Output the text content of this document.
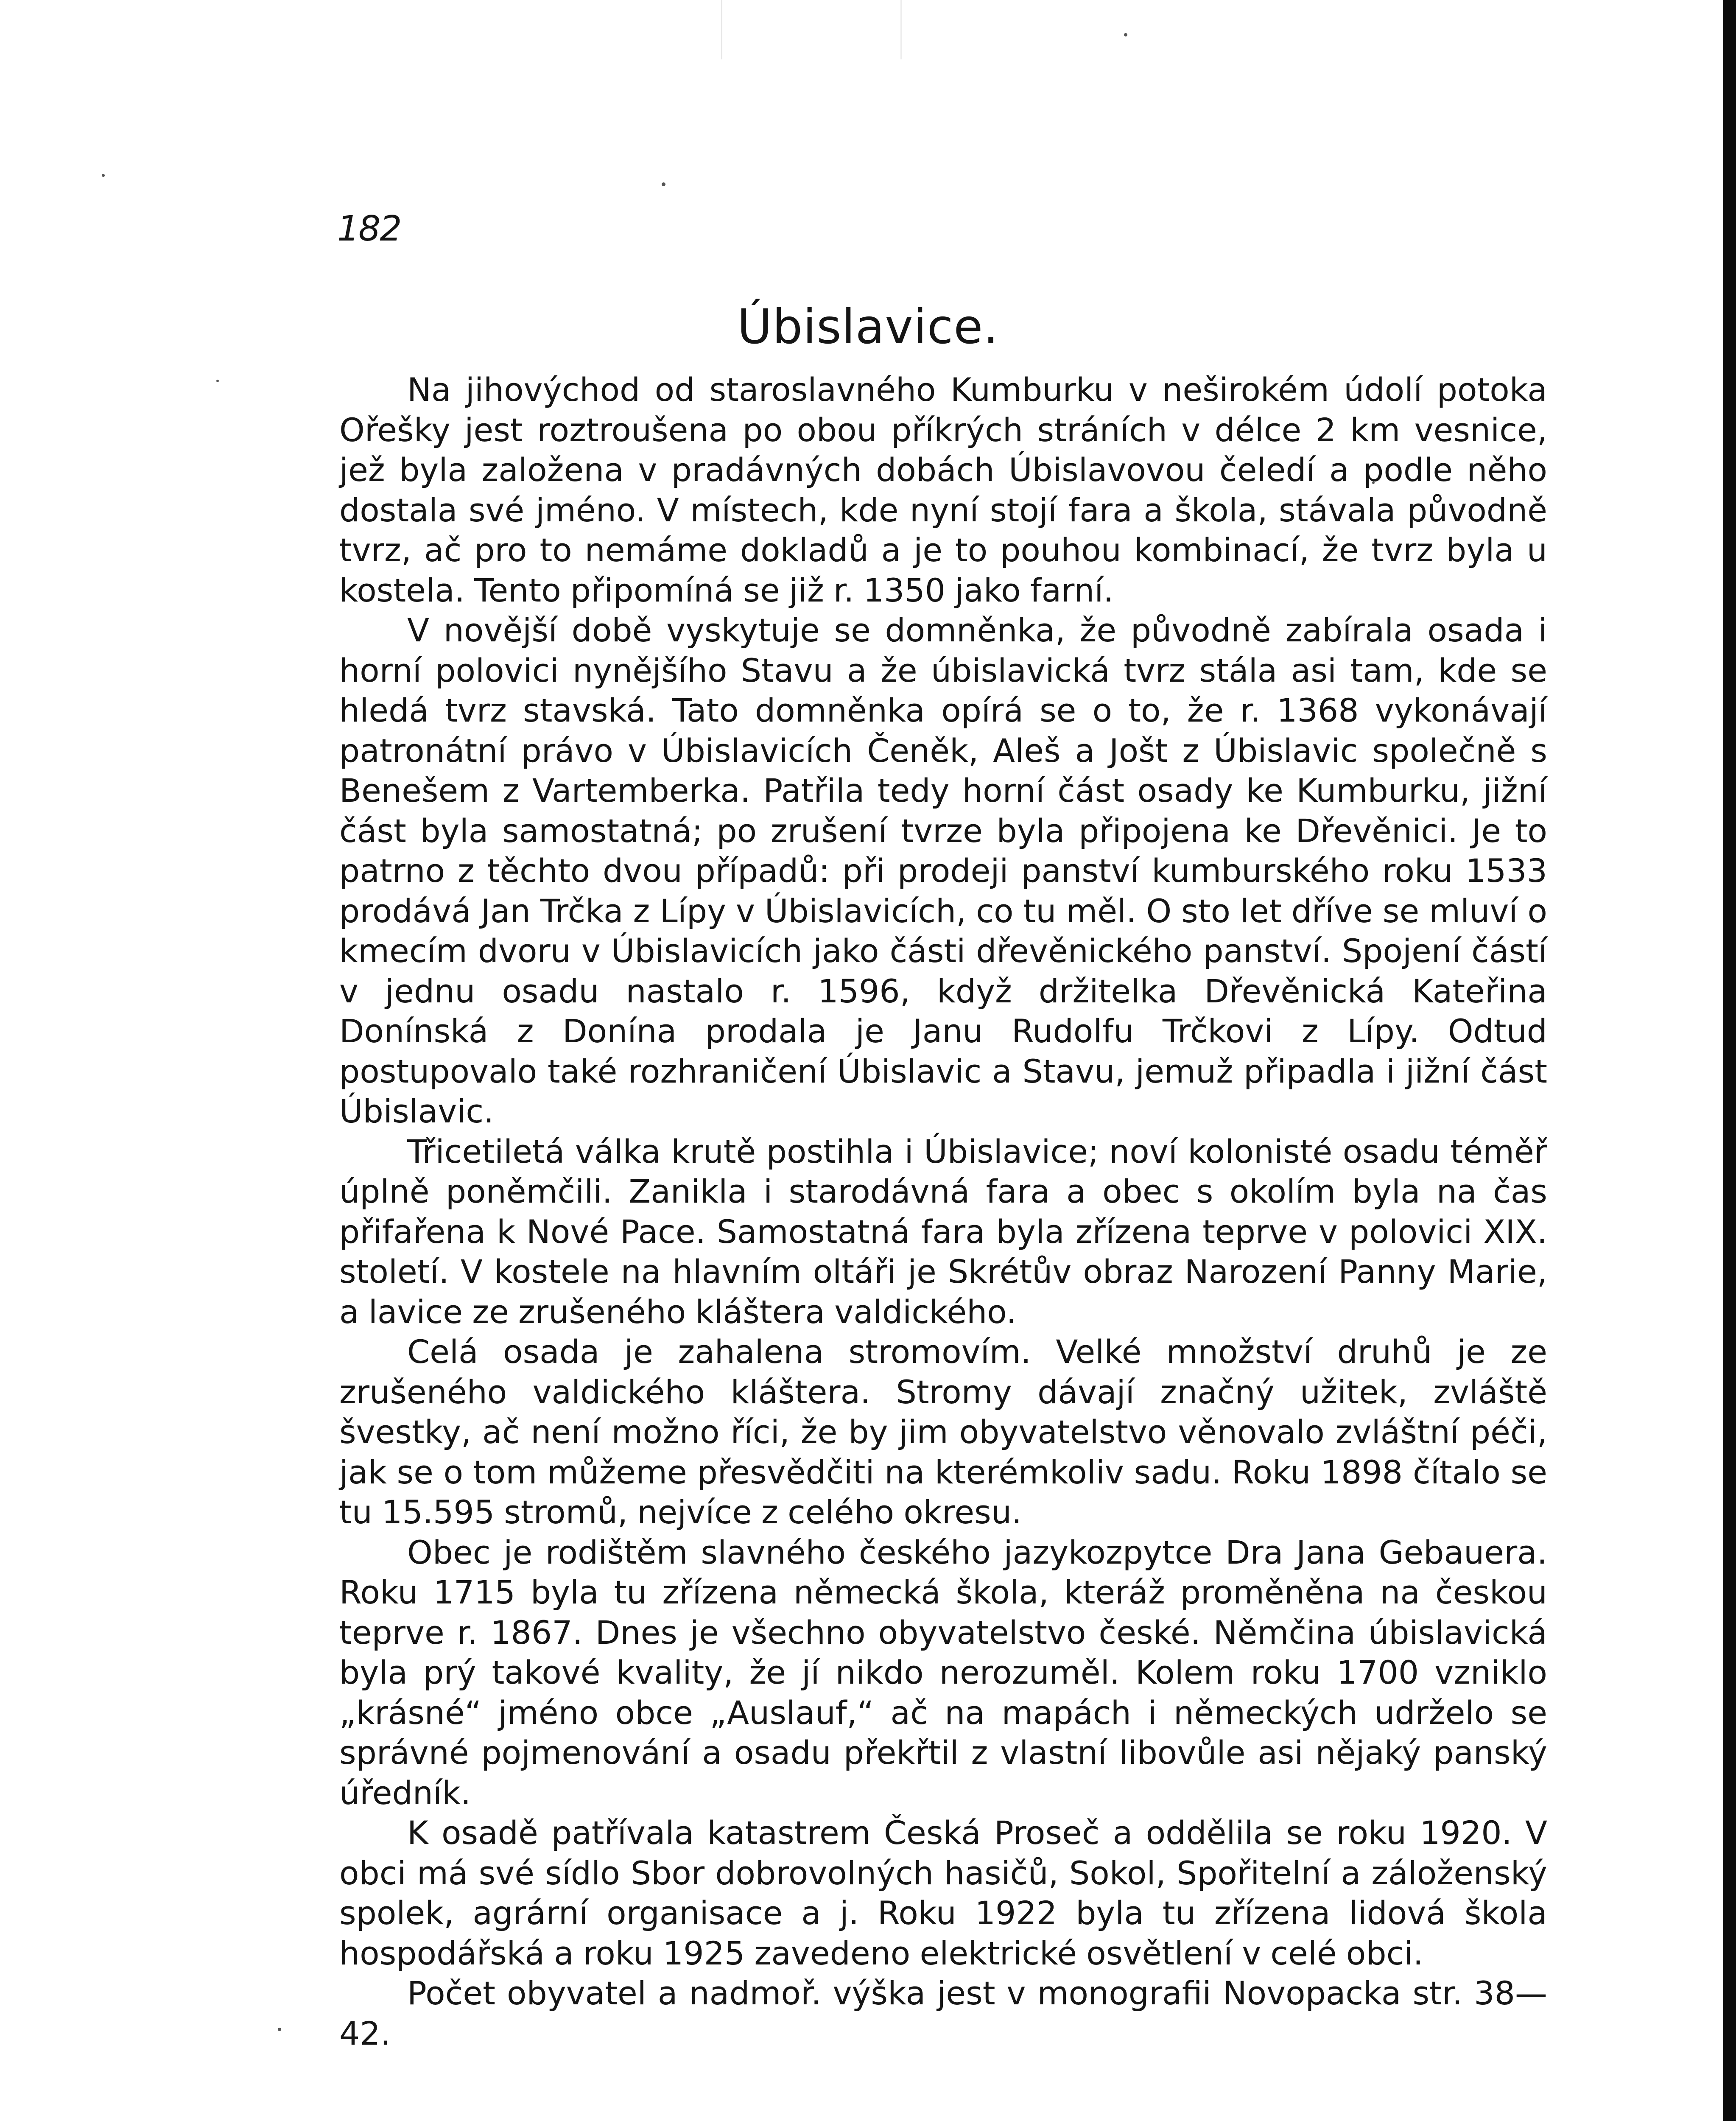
182
Úbislavice.

Na jihovýchod od staroslavného Kumburku v neširokém údolí potoka Ořešky jest roztroušena po obou příkrých stráních v délce 2 km vesnice, jež byla založena v pradávných dobách Úbislavovou čeledí a podle něho dostala své jméno. V místech, kde nyní stojí fara a škola, stávala původně tvrz, ač pro to nemáme dokladů a je to pouhou kombinací, že tvrz byla u kostela. Tento připomíná se již r. 1350 jako farní.

V novější době vyskytuje se domněnka, že původně zabírala osada i horní polovici nynějšího Stavu a že úbislavická tvrz stála asi tam, kde se hledá tvrz stavská. Tato domněnka opírá se o to, že r. 1368 vykonávají patronátní právo v Úbislavicích Čeněk, Aleš a Jošt z Úbislavic společně s Benešem z Vartemberka. Patřila tedy horní část osady ke Kumburku, jižní část byla samostatná; po zrušení tvrze byla připojena ke Dřevěnici. Je to patrno z těchto dvou případů: při prodeji panství kumburského roku 1533 prodává Jan Trčka z Lípy v Úbislavicích, co tu měl. O sto let dříve se mluví o kmecím dvoru v Úbislavicích jako části dřevěnického panství. Spojení částí v jednu osadu nastalo r. 1596, když držitelka Dřevěnická Kateřina Donínská z Donína prodala je Janu Rudolfu Trčkovi z Lípy. Odtud postupovalo také rozhraničení Úbislavic a Stavu, jemuž připadla i jižní část Úbislavic.

Třicetiletá válka krutě postihla i Úbislavice; noví kolonisté osadu téměř úplně poněmčili. Zanikla i starodávná fara a obec s okolím byla na čas přifařena k Nové Pace. Samostatná fara byla zřízena teprve v polovici XIX. století. V kostele na hlavním oltáři je Skrétův obraz Narození Panny Marie, a lavice ze zrušeného kláštera valdického.

Celá osada je zahalena stromovím. Velké množství druhů je ze zrušeného valdického kláštera. Stromy dávají značný užitek, zvláště švestky, ač není možno říci, že by jim obyvatelstvo věnovalo zvláštní péči, jak se o tom můžeme přesvědčiti na kterémkoliv sadu. Roku 1898 čítalo se tu 15.595 stromů, nejvíce z celého okresu.

Obec je rodištěm slavného českého jazykozpytce Dra Jana Gebauera. Roku 1715 byla tu zřízena německá škola, kteráž proměněna na českou teprve r. 1867. Dnes je všechno obyvatelstvo české. Němčina úbislavická byla prý takové kvality, že jí nikdo nerozuměl. Kolem roku 1700 vzniklo „krásné“ jméno obce „Auslauf,“ ač na mapách i německých udrželo se správné pojmenování a osadu překřtil z vlastní libovůle asi nějaký panský úředník.

K osadě patřívala katastrem Česká Proseč a oddělila se roku 1920. V obci má své sídlo Sbor dobrovolných hasičů, Sokol, Spořitelní a záloženský spolek, agrární organisace a j. Roku 1922 byla tu zřízena lidová škola hospodářská a roku 1925 zavedeno elektrické osvětlení v celé obci.

Počet obyvatel a nadmoř. výška jest v monografii Novopacka str. 38—42.
